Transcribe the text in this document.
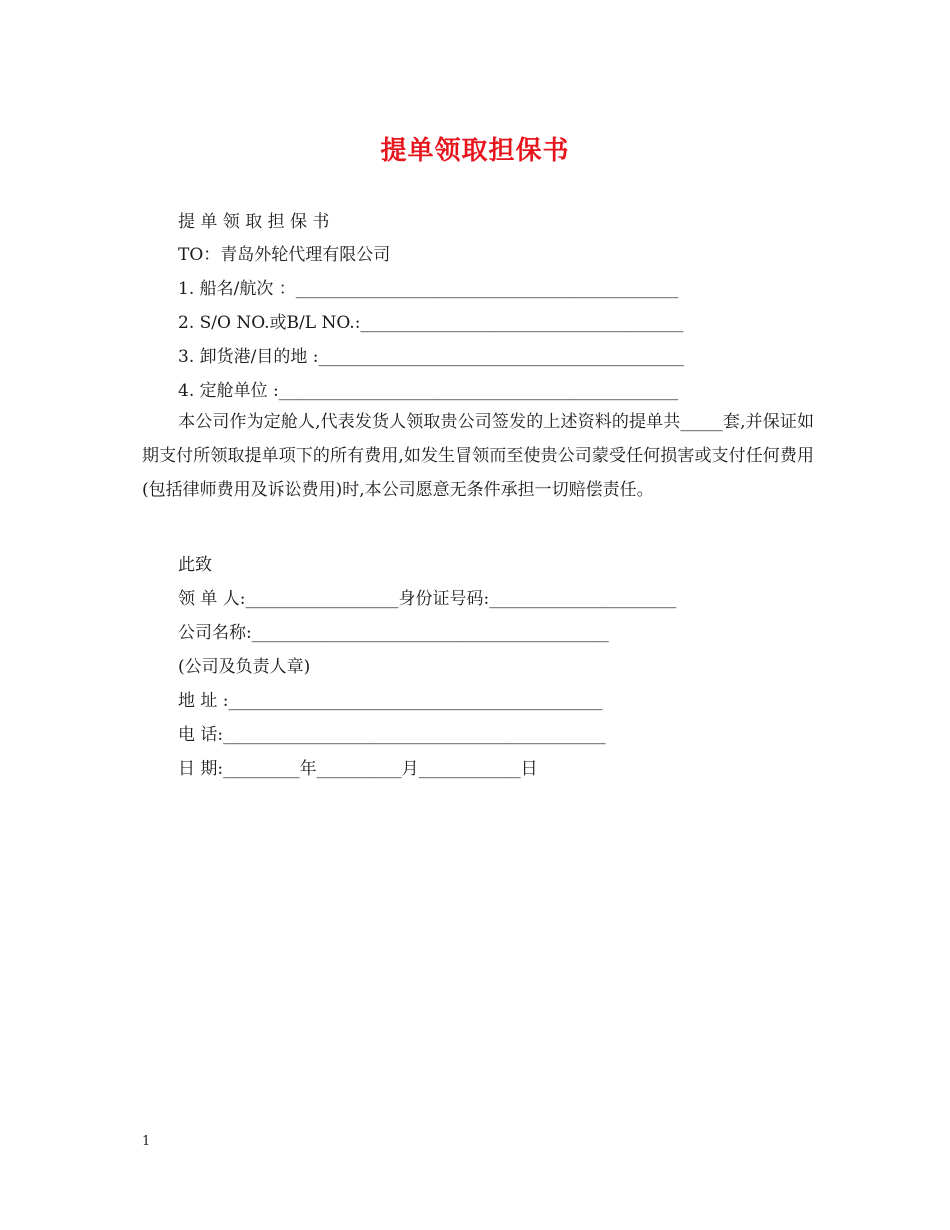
提单领取担保书
提 单 领 取 担 保 书
TO：青岛外轮代理有限公司
1. 船名/航次 ：_____________________________________________
2. S/O NO.或B/L NO.:______________________________________
3. 卸货港/目的地 :___________________________________________
4. 定舱单位 :_______________________________________________
本公司作为定舱人,代表发货人领取贵公司签发的上述资料的提单共_____套,并保证如期支付所领取提单项下的所有费用,如发生冒领而至使贵公司蒙受任何损害或支付任何费用(包括律师费用及诉讼费用)时,本公司愿意无条件承担一切赔偿责任。
此致
领 单 人:__________________身份证号码:______________________
公司名称:__________________________________________
(公司及负责人章)
地 址 :____________________________________________
电 话:_____________________________________________
日 期:_________年__________月____________日
1
